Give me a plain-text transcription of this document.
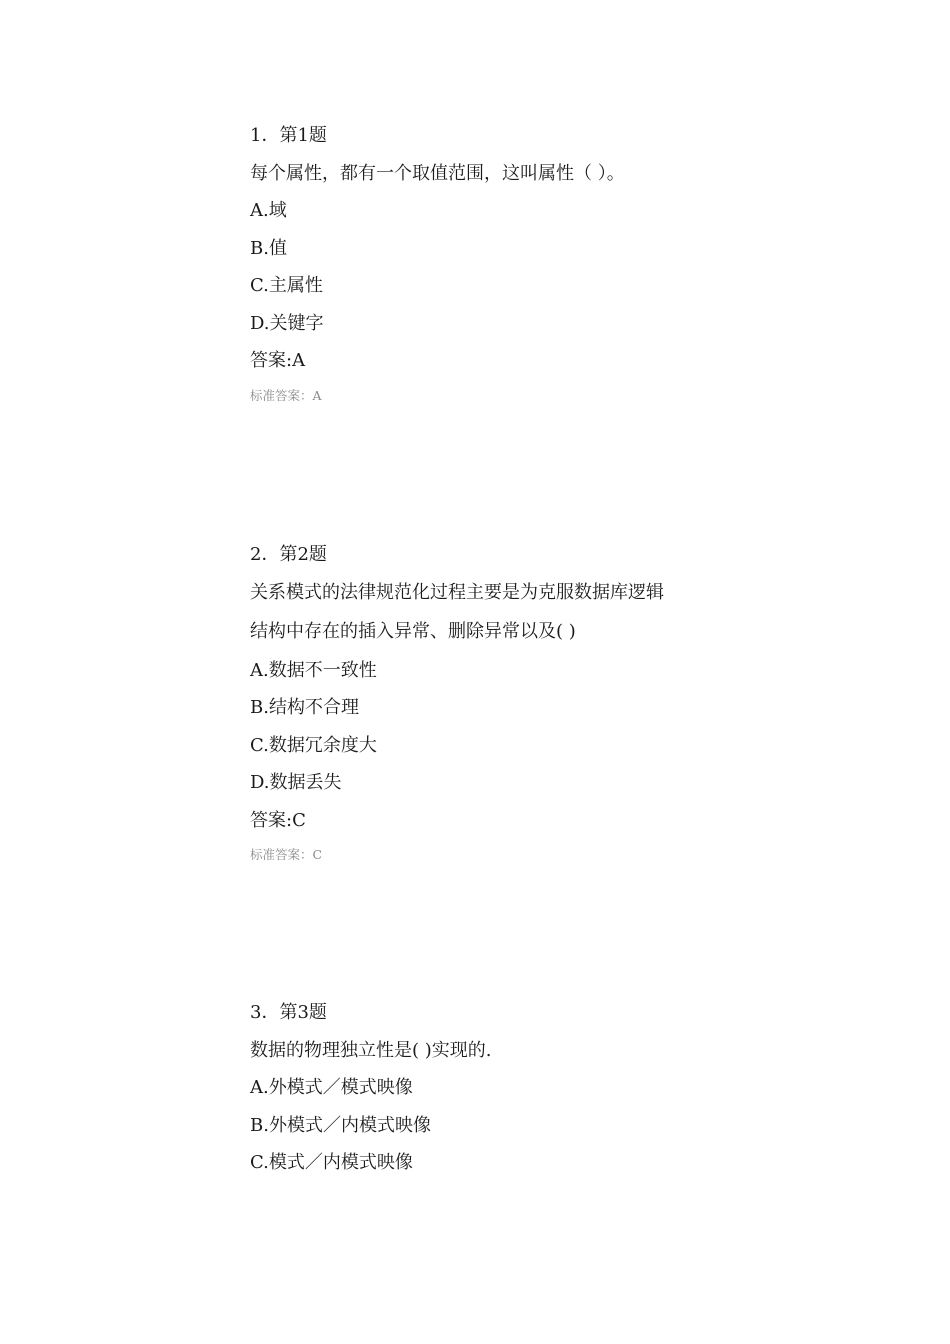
1．第1题
每个属性，都有一个取值范围，这叫属性（ ）。
A.域
B.值
C.主属性
D.关键字
答案:A
标准答案：A
2．第2题
关系模式的法律规范化过程主要是为克服数据库逻辑
结构中存在的插入异常、删除异常以及( )
A.数据不一致性
B.结构不合理
C.数据冗余度大
D.数据丢失
答案:C
标准答案：C
3．第3题
数据的物理独立性是( )实现的.
A.外模式／模式映像
B.外模式／内模式映像
C.模式／内模式映像
